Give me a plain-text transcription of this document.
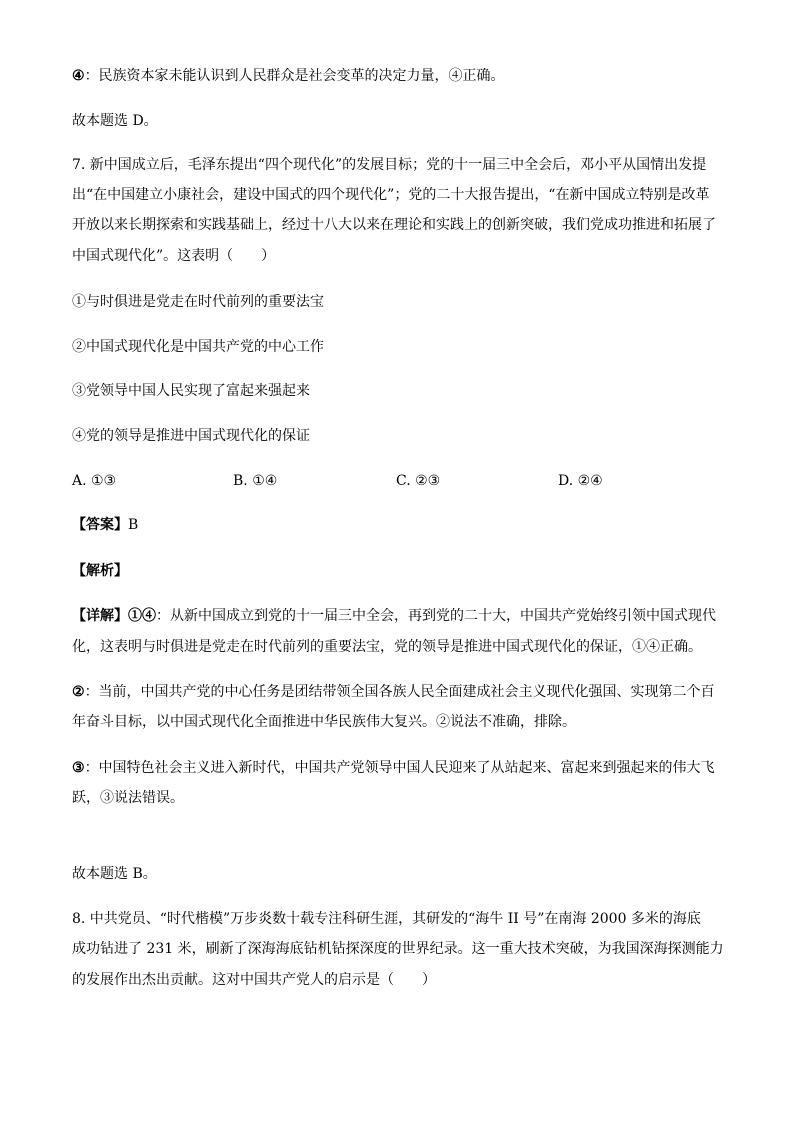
④：民族资本家未能认识到人民群众是社会变革的决定力量，④正确。
故本题选 D。
7. 新中国成立后，毛泽东提出“四个现代化”的发展目标；党的十一届三中全会后，邓小平从国情出发提
出“在中国建立小康社会，建设中国式的四个现代化”；党的二十大报告提出，“在新中国成立特别是改革
开放以来长期探索和实践基础上，经过十八大以来在理论和实践上的创新突破，我们党成功推进和拓展了
中国式现代化”。这表明（　　）
①与时俱进是党走在时代前列的重要法宝
②中国式现代化是中国共产党的中心工作
③党领导中国人民实现了富起来强起来
④党的领导是推进中国式现代化的保证
A. ①③	B. ①④	C. ②③	D. ②④
【答案】B
【解析】
【详解】①④：从新中国成立到党的十一届三中全会，再到党的二十大，中国共产党始终引领中国式现代
化，这表明与时俱进是党走在时代前列的重要法宝，党的领导是推进中国式现代化的保证，①④正确。
②：当前，中国共产党的中心任务是团结带领全国各族人民全面建成社会主义现代化强国、实现第二个百
年奋斗目标，以中国式现代化全面推进中华民族伟大复兴。②说法不准确，排除。
③：中国特色社会主义进入新时代，中国共产党领导中国人民迎来了从站起来、富起来到强起来的伟大飞
跃，③说法错误。
故本题选 B。
8. 中共党员、“时代楷模”万步炎数十载专注科研生涯，其研发的“海牛 II 号”在南海 2000 多米的海底
成功钻进了 231 米，刷新了深海海底钻机钻探深度的世界纪录。这一重大技术突破，为我国深海探测能力
的发展作出杰出贡献。这对中国共产党人的启示是（　　）
